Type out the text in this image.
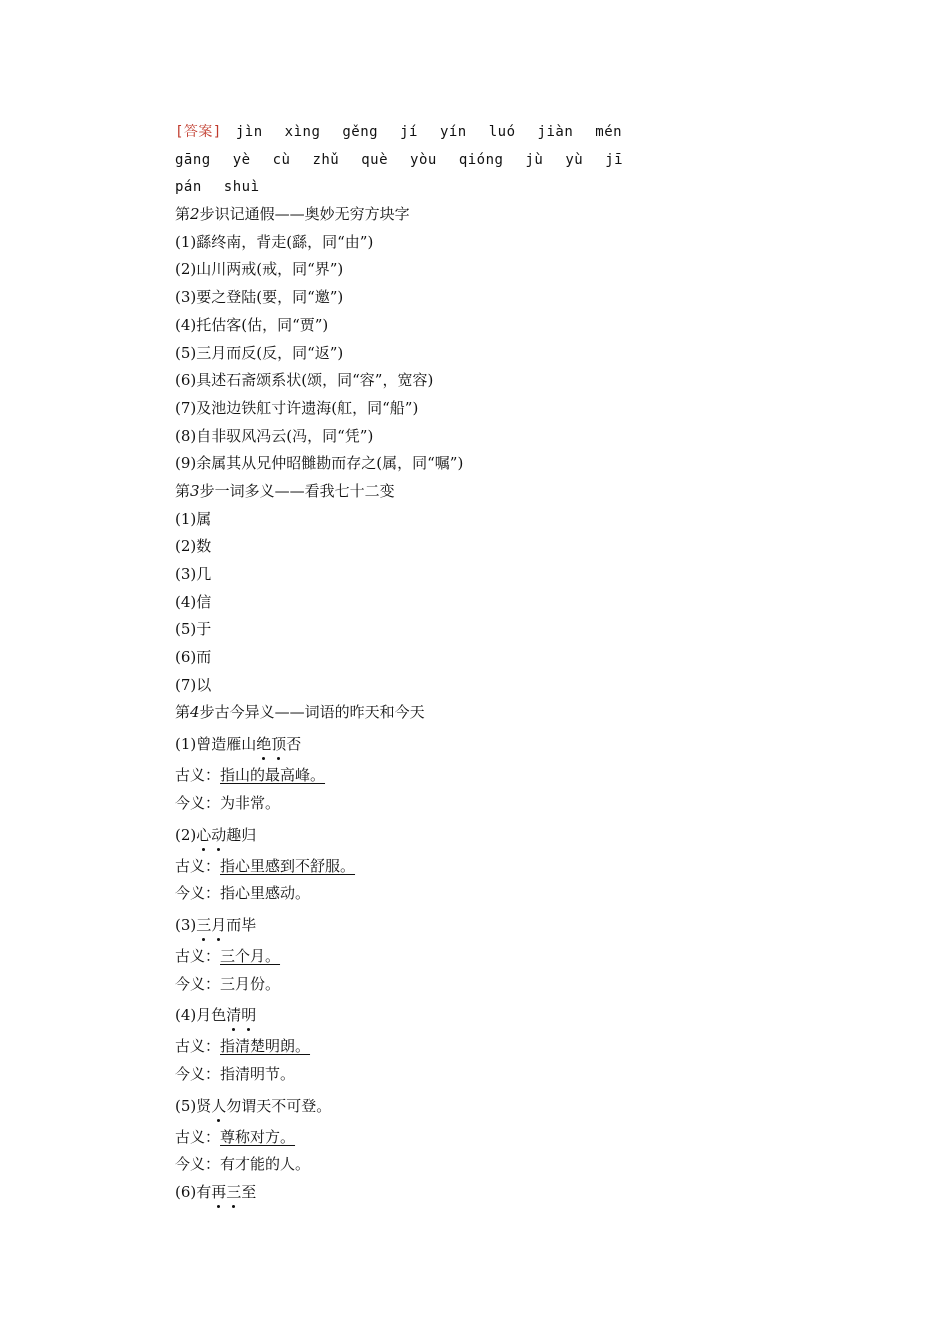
[答案] jìn xìng gěng jí yín luó jiàn mén
gāng yè cù zhǔ què yòu qióng jù yù jī
pán shuì
第2步识记通假——奥妙无穷方块字
(1)繇终南，背走(繇，同“由”)
(2)山川两戒(戒，同“界”)
(3)要之登陆(要，同“邀”)
(4)托估客(估，同“贾”)
(5)三月而反(反，同“返”)
(6)具述石斋颂系状(颂，同“容”，宽容)
(7)及池边铁舡寸许遗海(舡，同“船”)
(8)自非驭风冯云(冯，同“凭”)
(9)余属其从兄仲昭雠勘而存之(属，同“嘱”)
第3步一词多义——看我七十二变
(1)属
(2)数
(3)几
(4)信
(5)于
(6)而
(7)以
第4步古今异义——词语的昨天和今天
(1)曾造雁山绝顶否
古义：指山的最高峰。
今义：为非常。
(2)心动趣归
古义：指心里感到不舒服。
今义：指心里感动。
(3)三月而毕
古义：三个月。
今义：三月份。
(4)月色清明
古义：指清楚明朗。
今义：指清明节。
(5)贤人勿谓天不可登。
古义：尊称对方。
今义：有才能的人。
(6)有再三至
